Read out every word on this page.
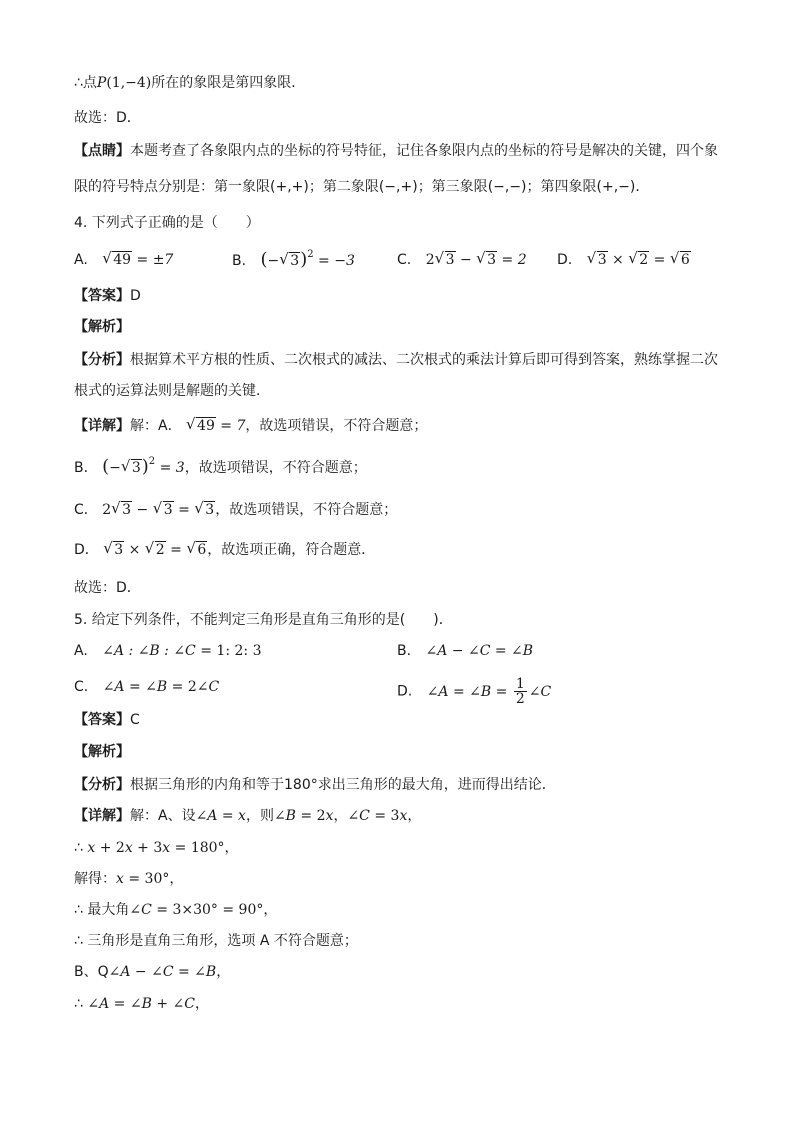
∴点P(1,−4)所在的象限是第四象限．
故选：D．
【点睛】本题考查了各象限内点的坐标的符号特征，记住各象限内点的坐标的符号是解决的关键，四个象
限的符号特点分别是：第一象限(+,+)；第二象限(−,+)；第三象限(−,−)；第四象限(+,−)．
4. 下列式子正确的是（　　）
A. √ 49 = ±7	B. (− √ 3)$^2$ = −3	C. 2 √ 3 − √ 3 = 2 D. √ 3 × √ 2 = √ 6
【答案】D
【解析】
【分析】根据算术平方根的性质、二次根式的减法、二次根式的乘法计算后即可得到答案，熟练掌握二次
根式的运算法则是解题的关键．
【详解】解：A． √ 49 = 7，故选项错误，不符合题意；
B． (− √ 3)$^2$ = 3，故选项错误，不符合题意；
C． 2 √ 3 − √ 3 = √ 3，故选项错误，不符合题意；
D． √ 3 × √ 2 = √ 6，故选项正确，符合题意．
故选：D．
5. 给定下列条件，不能判定三角形是直角三角形的是(　　)．
A. ∠A : ∠B : ∠C = 1: 2: 3	B. ∠A − ∠C = ∠B
C. ∠A = ∠B = 2∠C	D. ∠A = ∠B = $\frac{1}{2}$ ∠C
【答案】C
【解析】
【分析】根据三角形的内角和等于180°求出三角形的最大角，进而得出结论．
【详解】解：A、设∠A = x，则∠B = 2x，∠C = 3x，
∴ x + 2x + 3x = 180°，
解得：x = 30°，
∴ 最大角∠C = 3×30° = 90°，
∴ 三角形是直角三角形，选项 A 不符合题意；
B、Q∠A − ∠C = ∠B，
∴ ∠A = ∠B + ∠C，
